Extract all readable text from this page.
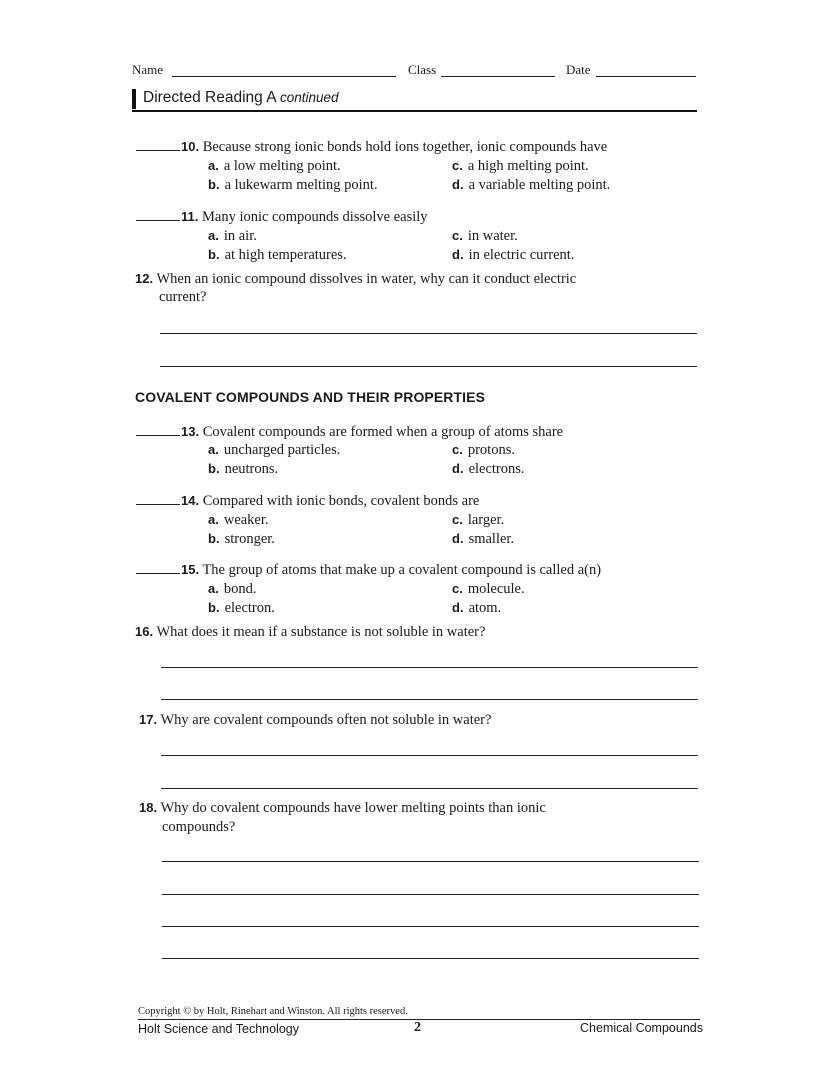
Name	Class	Date
Directed Reading A continued
10. Because strong ionic bonds hold ions together, ionic compounds have
a. a low melting point.
b. a lukewarm melting point.
c. a high melting point.
d. a variable melting point.
11. Many ionic compounds dissolve easily
a. in air.
b. at high temperatures.
c. in water.
d. in electric current.
12. When an ionic compound dissolves in water, why can it conduct electric
current?
COVALENT COMPOUNDS AND THEIR PROPERTIES
13. Covalent compounds are formed when a group of atoms share
a. uncharged particles.
b. neutrons.
c. protons.
d. electrons.
14. Compared with ionic bonds, covalent bonds are
a. weaker.
b. stronger.
c. larger.
d. smaller.
15. The group of atoms that make up a covalent compound is called a(n)
a. bond.
b. electron.
c. molecule.
d. atom.
16. What does it mean if a substance is not soluble in water?
17. Why are covalent compounds often not soluble in water?
18. Why do covalent compounds have lower melting points than ionic
compounds?
Copyright © by Holt, Rinehart and Winston. All rights reserved.
Holt Science and Technology	2	Chemical Compounds
